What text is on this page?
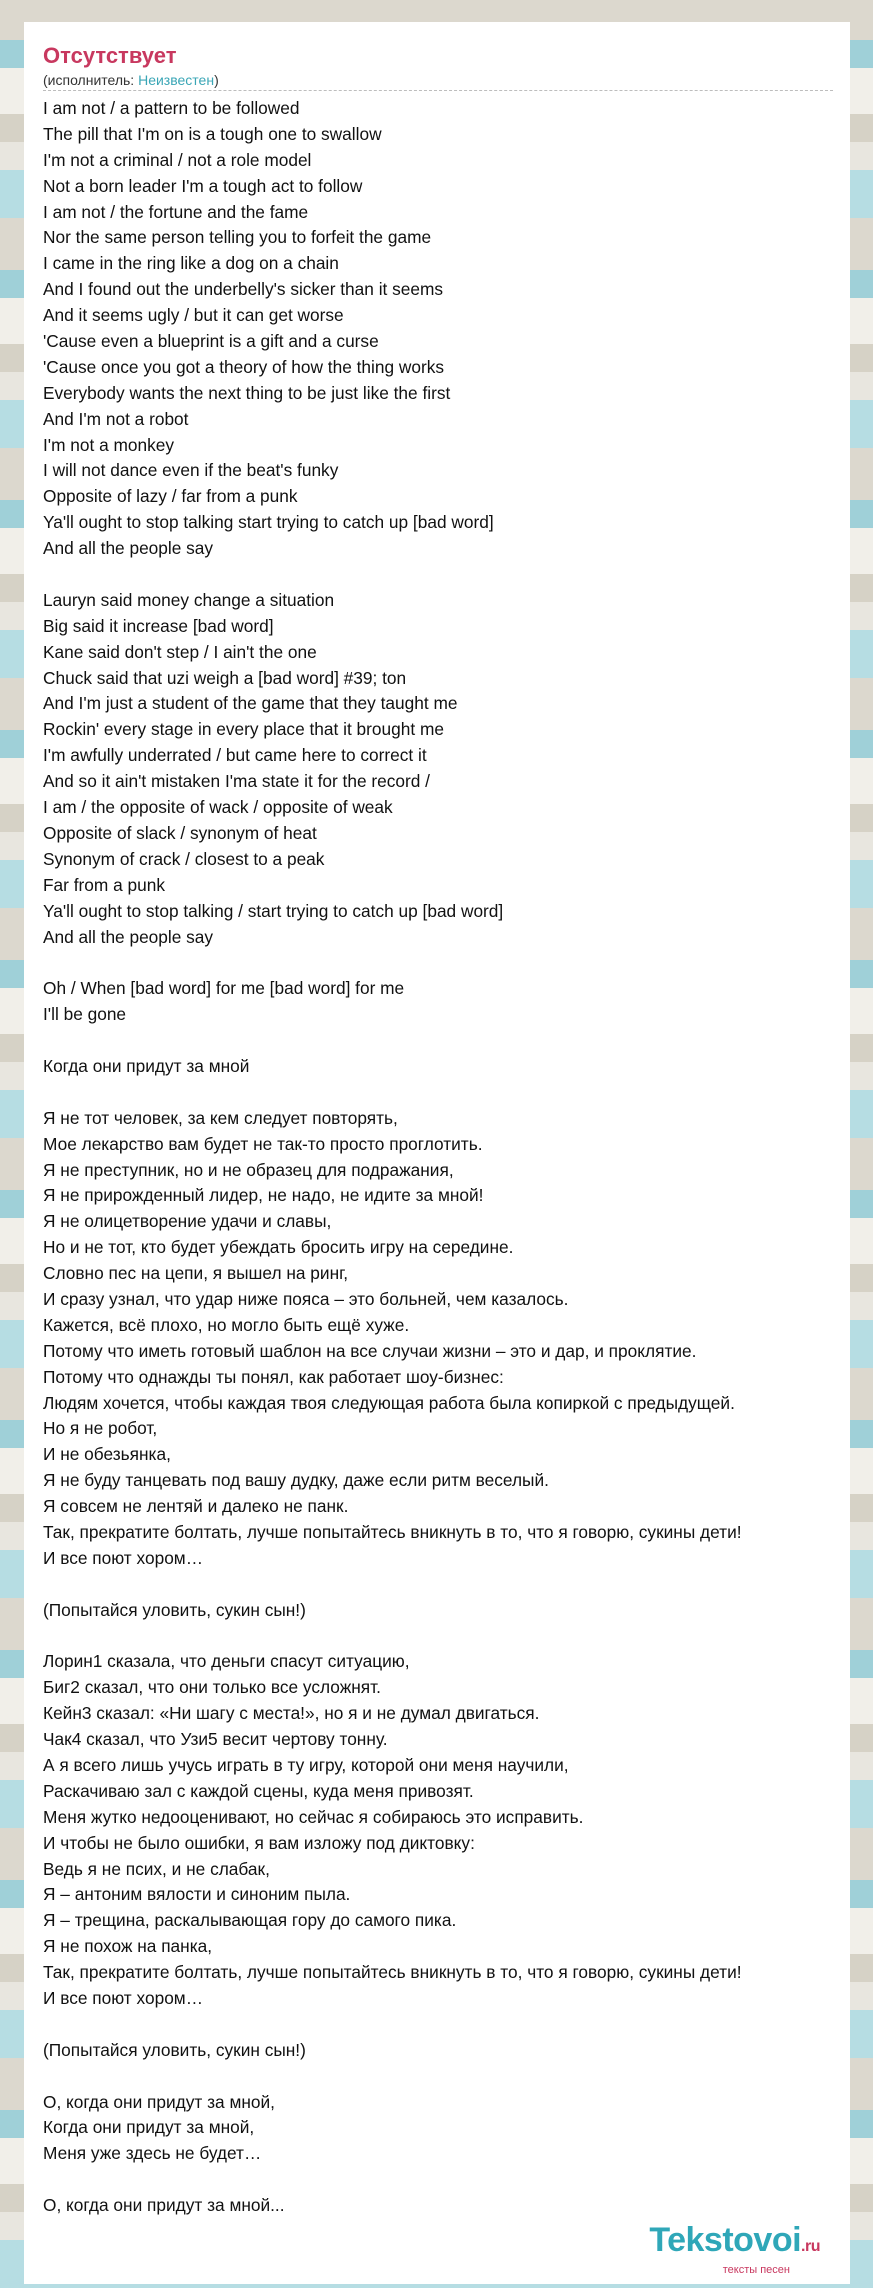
Отсутствует
(исполнитель: Неизвестен)
I am not / a pattern to be followed
The pill that I'm on is a tough one to swallow
I'm not a criminal / not a role model
Not a born leader I'm a tough act to follow
I am not / the fortune and the fame
Nor the same person telling you to forfeit the game
I came in the ring like a dog on a chain
And I found out the underbelly's sicker than it seems
And it seems ugly / but it can get worse
'Cause even a blueprint is a gift and a curse
'Cause once you got a theory of how the thing works
Everybody wants the next thing to be just like the first
And I'm not a robot
I'm not a monkey
I will not dance even if the beat's funky
Opposite of lazy / far from a punk
Ya'll ought to stop talking start trying to catch up [bad word]
And all the people say
Lauryn said money change a situation
Big said it increase [bad word]
Kane said don't step / I ain't the one
Chuck said that uzi weigh a [bad word] #39; ton
And I'm just a student of the game that they taught me
Rockin' every stage in every place that it brought me
I'm awfully underrated / but came here to correct it
And so it ain't mistaken I'ma state it for the record /
I am / the opposite of wack / opposite of weak
Opposite of slack / synonym of heat
Synonym of crack / closest to a peak
Far from a punk
Ya'll ought to stop talking / start trying to catch up [bad word]
And all the people say
Oh / When [bad word] for me [bad word] for me
I'll be gone
Когда они придут за мной
Я не тот человек, за кем следует повторять,
Мое лекарство вам будет не так-то просто проглотить.
Я не преступник, но и не образец для подражания,
Я не прирожденный лидер, не надо, не идите за мной!
Я не олицетворение удачи и славы,
Но и не тот, кто будет убеждать бросить игру на середине.
Словно пес на цепи, я вышел на ринг,
И сразу узнал, что удар ниже пояса – это больней, чем казалось.
Кажется, всё плохо, но могло быть ещё хуже.
Потому что иметь готовый шаблон на все случаи жизни – это и дар, и проклятие.
Потому что однажды ты понял, как работает шоу-бизнес:
Людям хочется, чтобы каждая твоя следующая работа была копиркой с предыдущей.
Но я не робот,
И не обезьянка,
Я не буду танцевать под вашу дудку, даже если ритм веселый.
Я совсем не лентяй и далеко не панк.
Так, прекратите болтать, лучше попытайтесь вникнуть в то, что я говорю, сукины дети!
И все поют хором…
(Попытайся уловить, сукин сын!)
Лорин1 сказала, что деньги спасут ситуацию,
Биг2 сказал, что они только все усложнят.
Кейн3 сказал: «Ни шагу с места!», но я и не думал двигаться.
Чак4 сказал, что Узи5 весит чертову тонну.
А я всего лишь учусь играть в ту игру, которой они меня научили,
Раскачиваю зал с каждой сцены, куда меня привозят.
Меня жутко недооценивают, но сейчас я собираюсь это исправить.
И чтобы не было ошибки, я вам изложу под диктовку:
Ведь я не псих, и не слабак,
Я – антоним вялости и синоним пыла.
Я – трещина, раскалывающая гору до самого пика.
Я не похож на панка,
Так, прекратите болтать, лучше попытайтесь вникнуть в то, что я говорю, сукины дети!
И все поют хором…
(Попытайся уловить, сукин сын!)
О, когда они придут за мной,
Когда они придут за мной,
Меня уже здесь не будет…
О, когда они придут за мной...
Tekstovoi.ru
тексты песен
